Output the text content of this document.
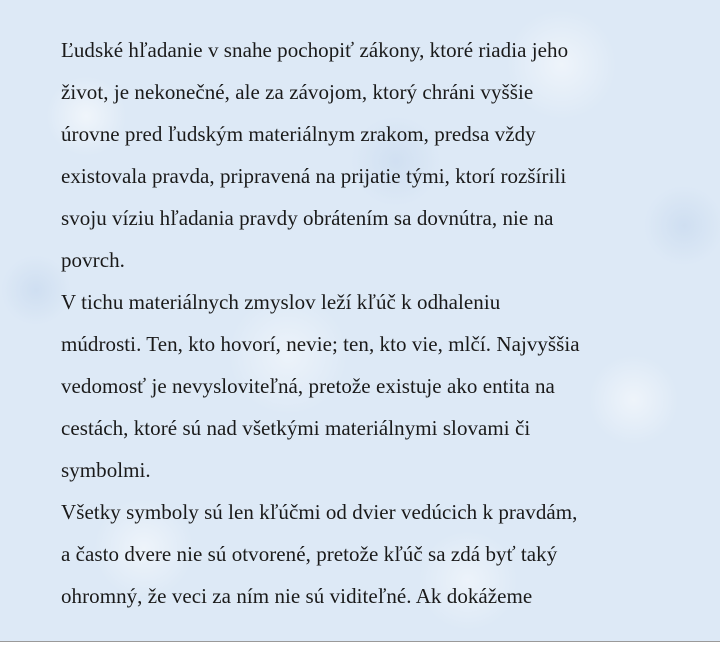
Ľudské hľadanie v snahe pochopiť zákony, ktoré riadia jeho
život, je nekonečné, ale za závojom, ktorý chráni vyššie
úrovne pred ľudským materiálnym zrakom, predsa vždy
existovala pravda, pripravená na prijatie tými, ktorí rozšírili
svoju víziu hľadania pravdy obrátením sa dovnútra, nie na
povrch.
V tichu materiálnych zmyslov leží kľúč k odhaleniu
múdrosti. Ten, kto hovorí, nevie; ten, kto vie, mlčí. Najvyššia
vedomosť je nevysloviteľná, pretože existuje ako entita na
cestách, ktoré sú nad všetkými materiálnymi slovami či
symbolmi.
Všetky symboly sú len kľúčmi od dvier vedúcich k pravdám,
a často dvere nie sú otvorené, pretože kľúč sa zdá byť taký
ohromný, že veci za ním nie sú viditeľné. Ak dokážeme
